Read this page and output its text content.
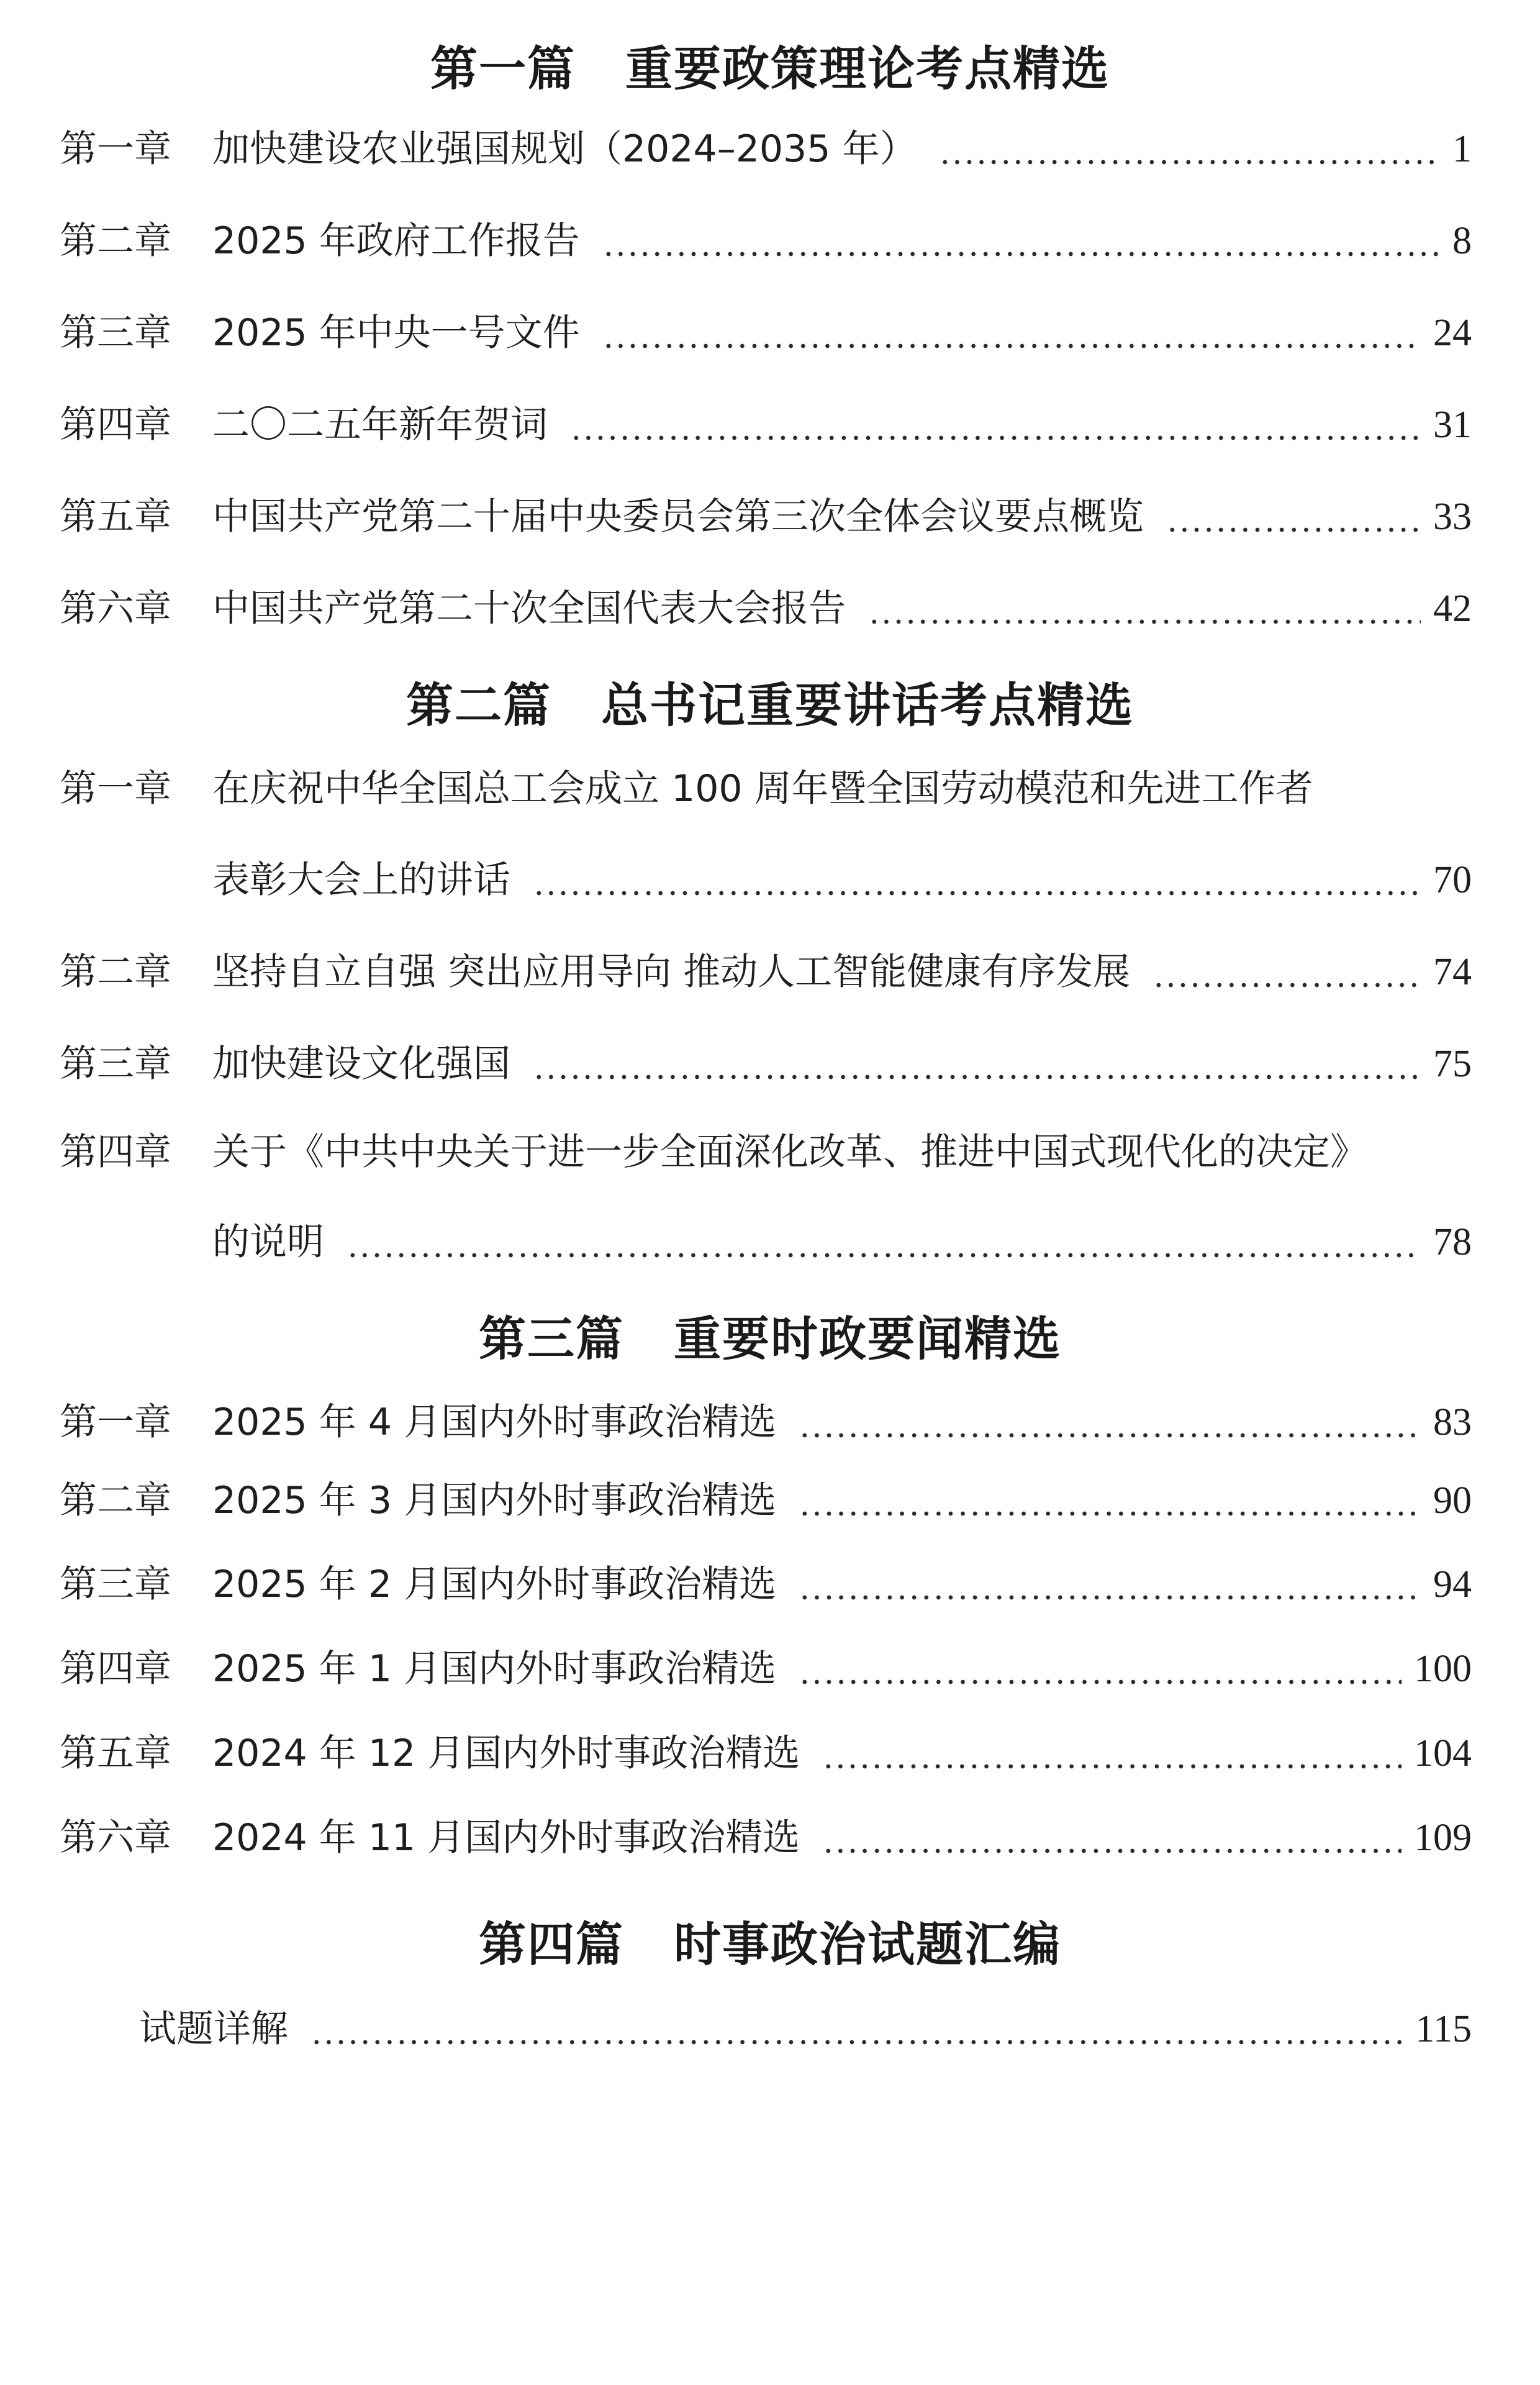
第一篇 重要政策理论考点精选
第一章 加快建设农业强国规划（2024–2035 年）	1
第二章 2025 年政府工作报告	8
第三章 2025 年中央一号文件	24
第四章 二〇二五年新年贺词	31
第五章 中国共产党第二十届中央委员会第三次全体会议要点概览	33
第六章 中国共产党第二十次全国代表大会报告	42
第二篇 总书记重要讲话考点精选
第一章 在庆祝中华全国总工会成立 100 周年暨全国劳动模范和先进工作者
表彰大会上的讲话	70
第二章 坚持自立自强 突出应用导向 推动人工智能健康有序发展	74
第三章 加快建设文化强国	75
第四章 关于《中共中央关于进一步全面深化改革、推进中国式现代化的决定》
的说明	78
第三篇 重要时政要闻精选
第一章 2025 年 4 月国内外时事政治精选	83
第二章 2025 年 3 月国内外时事政治精选	90
第三章 2025 年 2 月国内外时事政治精选	94
第四章 2025 年 1 月国内外时事政治精选	100
第五章 2024 年 12 月国内外时事政治精选	104
第六章 2024 年 11 月国内外时事政治精选	109
第四篇 时事政治试题汇编
试题详解	115
